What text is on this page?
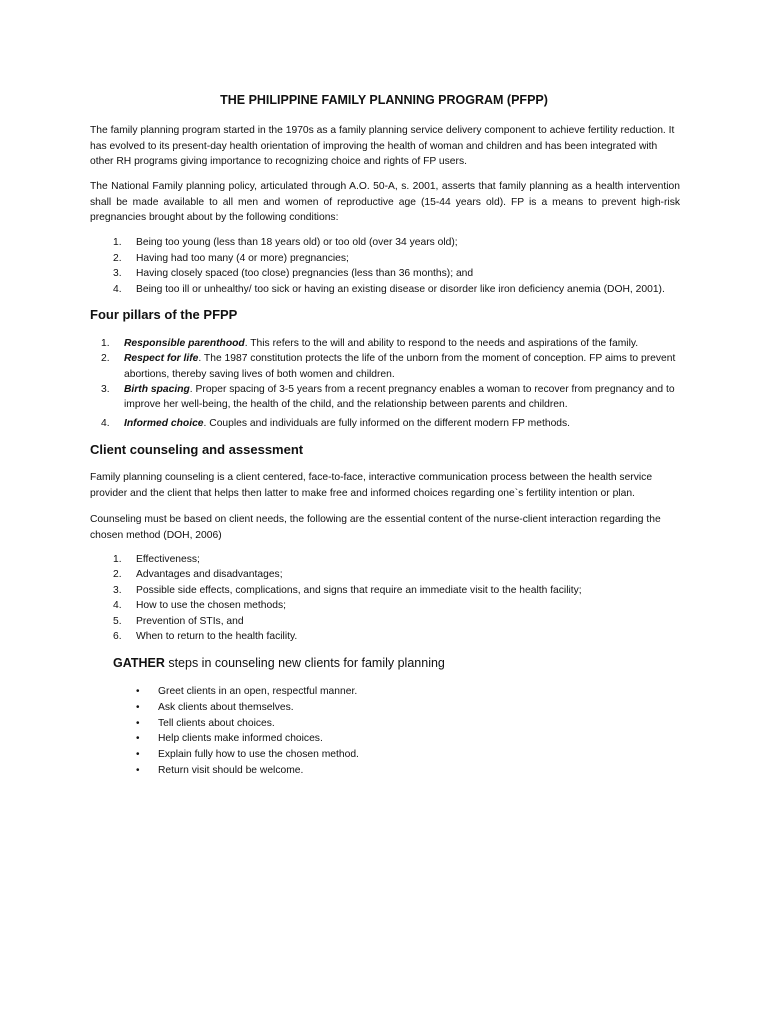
THE PHILIPPINE FAMILY PLANNING PROGRAM (PFPP)

The family planning program started in the 1970s as a family planning service delivery component to achieve fertility reduction. It has evolved to its present-day health orientation of improving the health of woman and children and has been integrated with other RH programs giving importance to recognizing choice and rights of FP users.

The National Family planning policy, articulated through A.O. 50-A, s. 2001, asserts that family planning as a health intervention shall be made available to all men and women of reproductive age (15-44 years old). FP is a means to prevent high-risk pregnancies brought about by the following conditions:

1.	Being too young (less than 18 years old) or too old (over 34 years old);
2.	Having had too many (4 or more) pregnancies;
3.	Having closely spaced (too close) pregnancies (less than 36 months); and
4.	Being too ill or unhealthy/ too sick or having an existing disease or disorder like iron deficiency anemia (DOH, 2001).
Four pillars of the PFPP
1.	Responsible parenthood. This refers to the will and ability to respond to the needs and aspirations of the family.
2.	Respect for life. The 1987 constitution protects the life of the unborn from the moment of conception. FP aims to prevent abortions, thereby saving lives of both women and children.
3.	Birth spacing. Proper spacing of 3-5 years from a recent pregnancy enables a woman to recover from pregnancy and to improve her well-being, the health of the child, and the relationship between parents and children.
4.	Informed choice. Couples and individuals are fully informed on the different modern FP methods.
Client counseling and assessment

Family planning counseling is a client centered, face-to-face, interactive communication process between the health service provider and the client that helps then latter to make free and informed choices regarding one`s fertility intention or plan.

Counseling must be based on client needs, the following are the essential content of the nurse-client interaction regarding the chosen method (DOH, 2006)

1.	Effectiveness;
2.	Advantages and disadvantages;
3.	Possible side effects, complications, and signs that require an immediate visit to the health facility;
4.	How to use the chosen methods;
5.	Prevention of STIs, and
6.	When to return to the health facility.
GATHER steps in counseling new clients for family planning
• Greet clients in an open, respectful manner.
• Ask clients about themselves.
• Tell clients about choices.
• Help clients make informed choices.
• Explain fully how to use the chosen method.
• Return visit should be welcome.
